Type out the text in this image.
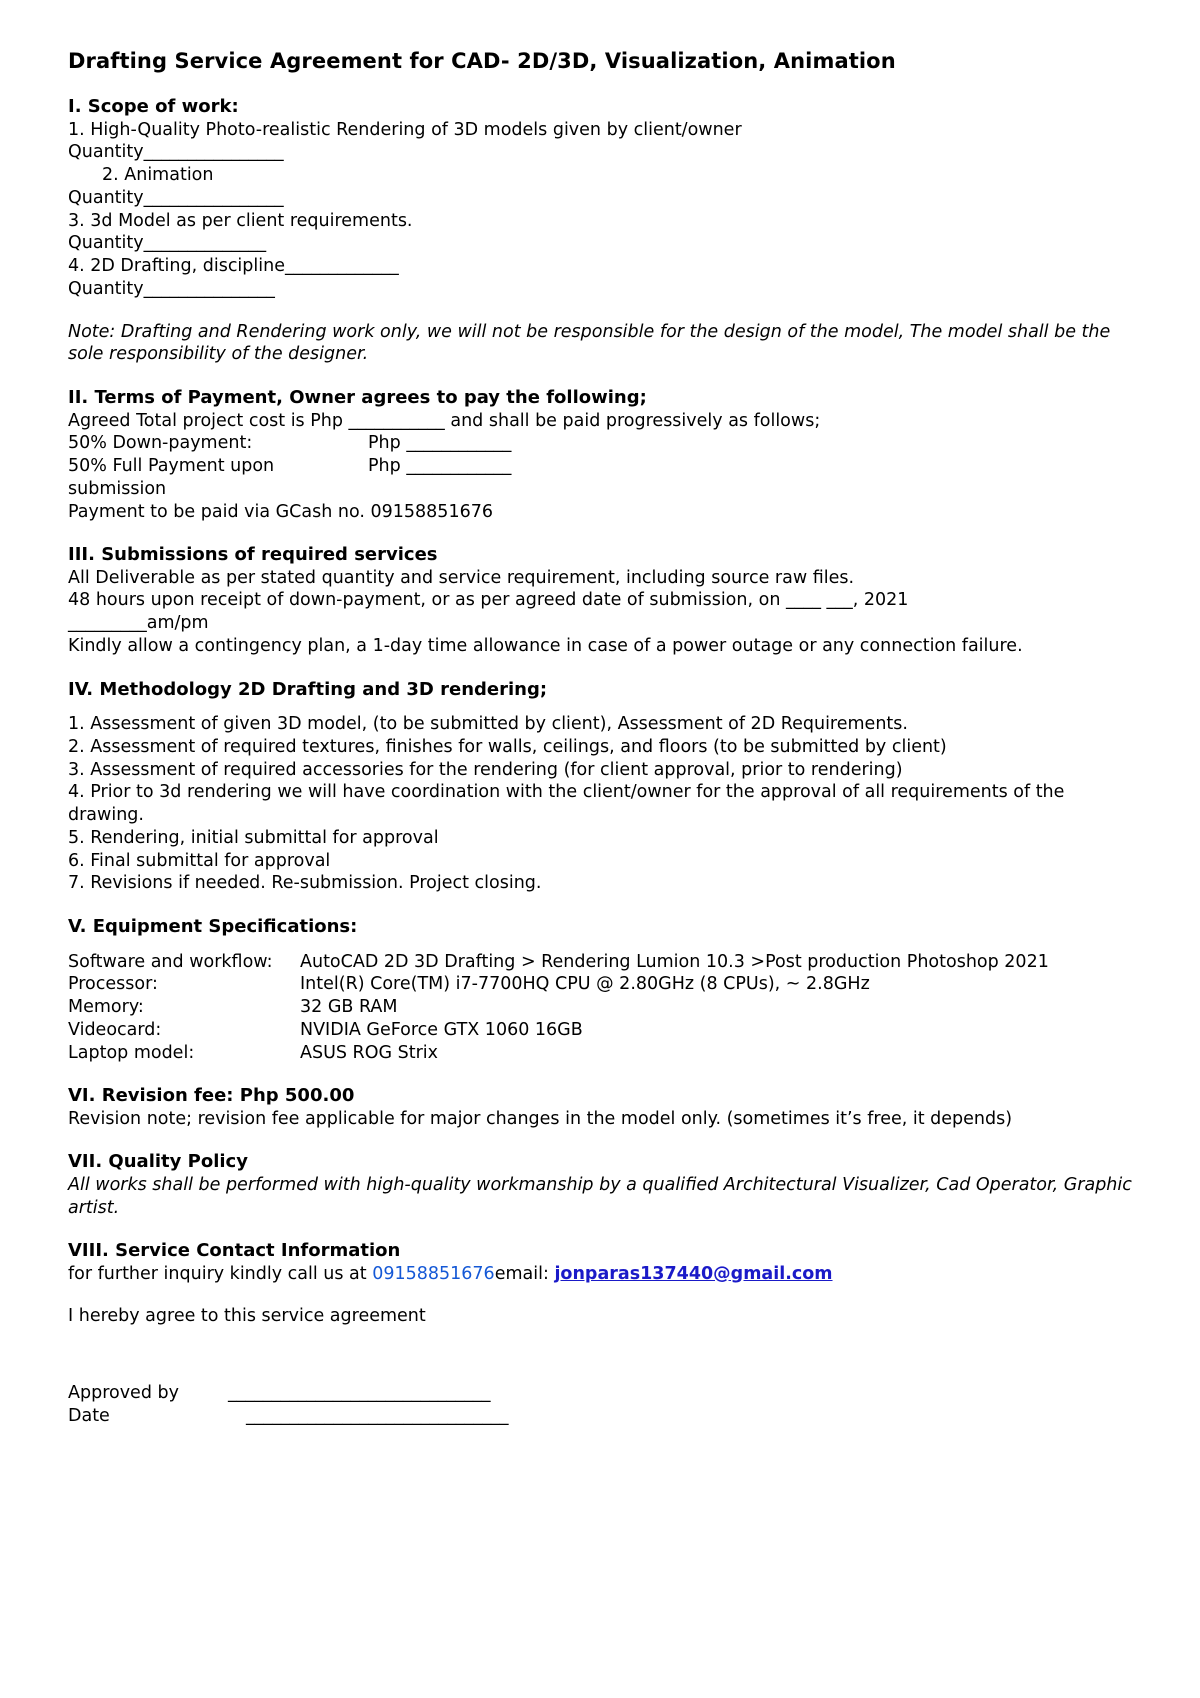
Drafting Service Agreement for CAD- 2D/3D, Visualization, Animation

I. Scope of work:

1. High-Quality Photo-realistic Rendering of 3D models given by client/owner

Quantity________________

2. Animation

Quantity________________

3. 3d Model as per client requirements.

Quantity______________

4. 2D Drafting, discipline_____________

Quantity_______________

Note: Drafting and Rendering work only, we will not be responsible for the design of the model, The model shall be the sole responsibility of the designer.

II. Terms of Payment, Owner agrees to pay the following;

Agreed Total project cost is Php ___________ and shall be paid progressively as follows;

50% Down-payment:	Php ____________
50% Full Payment upon submission	Php ____________

Payment to be paid via GCash no. 09158851676

III. Submissions of required services

All Deliverable as per stated quantity and service requirement, including source raw files.

48 hours upon receipt of down-payment, or as per agreed date of submission, on ____ ___, 2021

_________am/pm

Kindly allow a contingency plan, a 1-day time allowance in case of a power outage or any connection failure.

IV. Methodology 2D Drafting and 3D rendering;

1. Assessment of given 3D model, (to be submitted by client), Assessment of 2D Requirements.

2. Assessment of required textures, finishes for walls, ceilings, and floors (to be submitted by client)

3. Assessment of required accessories for the rendering (for client approval, prior to rendering)

4. Prior to 3d rendering we will have coordination with the client/owner for the approval of all requirements of the drawing.

5. Rendering, initial submittal for approval

6. Final submittal for approval

7. Revisions if needed. Re-submission. Project closing.

V. Equipment Specifications:

Software and workflow:	AutoCAD 2D 3D Drafting > Rendering Lumion 10.3 >Post production Photoshop 2021
Processor:	Intel(R) Core(TM) i7-7700HQ CPU @ 2.80GHz (8 CPUs), ~ 2.8GHz
Memory:	32 GB RAM
Videocard:	NVIDIA GeForce GTX 1060 16GB
Laptop model:	ASUS ROG Strix

VI. Revision fee: Php 500.00

Revision note; revision fee applicable for major changes in the model only. (sometimes it’s free, it depends)

VII. Quality Policy

All works shall be performed with high-quality workmanship by a qualified Architectural Visualizer, Cad Operator, Graphic artist.

VIII. Service Contact Information

for further inquiry kindly call us at 09158851676email: jonparas137440@gmail.com

I hereby agree to this service agreement

Approved by	______________________________
Date	______________________________
